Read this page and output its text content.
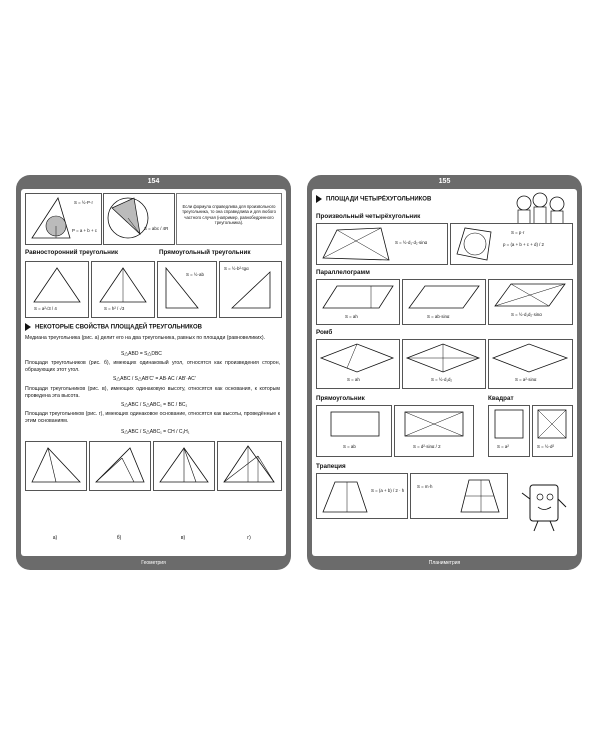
154
S = ½·P·r
P = a + b + c	S = abc / 4R
Если формула справедлива для произвольного треугольника, то она справедлива и для любого частного случая (например, равнобедренного треугольника).
Равносторонний треугольник	Прямоугольный треугольник
S = a²√3 / 4	S = h² / √3
S = ½·ab
S = ½·b²·tgα
НЕКОТОРЫЕ СВОЙСТВА ПЛОЩАДЕЙ ТРЕУГОЛЬНИКОВ
Медиана треугольника (рис. а) делит его на два треугольника, равных по площади (равновеликих).
S△ABD = S△DBC
Площади треугольников (рис. б), имеющих одинаковый угол, относятся как произведения сторон, образующих этот угол.
S△ABC / S△AB′C′ = AB·AC / AB′·AC′
Площади треугольников (рис. в), имеющих одинаковую высоту, относятся как основания, к которым проведена эта высота.
S△ABC / S△ABC₁ = BC / BC₁
Площади треугольников (рис. г), имеющих одинаковое основание, относятся как высоты, проведённые к этим основаниям.
S△ABC / S△ABC₁ = CH / C₁H₁
а)	б)	в)	г)
Геометрия
155
ПЛОЩАДИ ЧЕТЫРЁХУГОЛЬНИКОВ
Произвольный четырёхугольник
S = ½·d₁·d₂·sinα
S = p·r
p = (a + b + c + d) / 2
Параллелограмм
S = ah	S = ab·sinα	S = ½·d₁d₂·sinα
Ромб
S = ah	S = ½·d₁d₂	S = a²·sinα
Прямоугольник	Квадрат
S = ab	S = d²·sinα / 2	S = a²	S = ½·d²
Трапеция
S = (a + b) / 2 · h
S = m·h
Планиметрия
